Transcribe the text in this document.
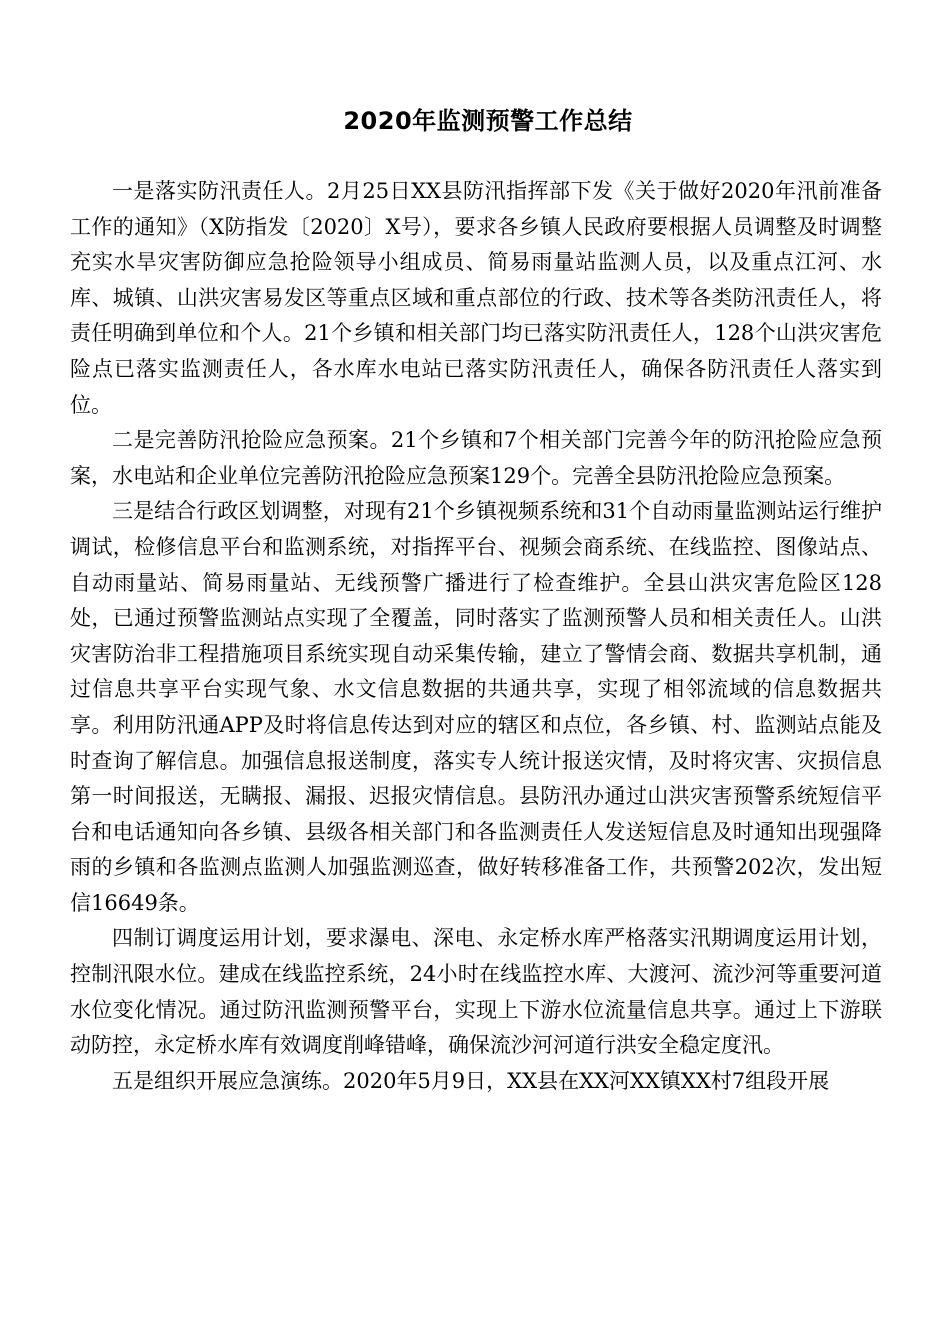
2020年监测预警工作总结

一是落实防汛责任人。2月25日XX县防汛指挥部下发《关于做好2020年汛前准备工作的通知》（X防指发〔2020〕X号），要求各乡镇人民政府要根据人员调整及时调整充实水旱灾害防御应急抢险领导小组成员、简易雨量站监测人员，以及重点江河、水库、城镇、山洪灾害易发区等重点区域和重点部位的行政、技术等各类防汛责任人，将责任明确到单位和个人。21个乡镇和相关部门均已落实防汛责任人，128个山洪灾害危险点已落实监测责任人，各水库水电站已落实防汛责任人，确保各防汛责任人落实到位。

二是完善防汛抢险应急预案。21个乡镇和7个相关部门完善今年的防汛抢险应急预案，水电站和企业单位完善防汛抢险应急预案129个。完善全县防汛抢险应急预案。

三是结合行政区划调整，对现有21个乡镇视频系统和31个自动雨量监测站运行维护调试，检修信息平台和监测系统，对指挥平台、视频会商系统、在线监控、图像站点、自动雨量站、简易雨量站、无线预警广播进行了检查维护。全县山洪灾害危险区128处，已通过预警监测站点实现了全覆盖，同时落实了监测预警人员和相关责任人。山洪灾害防治非工程措施项目系统实现自动采集传输，建立了警情会商、数据共享机制，通过信息共享平台实现气象、水文信息数据的共通共享，实现了相邻流域的信息数据共享。利用防汛通APP及时将信息传达到对应的辖区和点位，各乡镇、村、监测站点能及时查询了解信息。加强信息报送制度，落实专人统计报送灾情，及时将灾害、灾损信息第一时间报送，无瞒报、漏报、迟报灾情信息。县防汛办通过山洪灾害预警系统短信平台和电话通知向各乡镇、县级各相关部门和各监测责任人发送短信息及时通知出现强降雨的乡镇和各监测点监测人加强监测巡查，做好转移准备工作，共预警202次，发出短信16649条。

四制订调度运用计划，要求瀑电、深电、永定桥水库严格落实汛期调度运用计划，控制汛限水位。建成在线监控系统，24小时在线监控水库、大渡河、流沙河等重要河道水位变化情况。通过防汛监测预警平台，实现上下游水位流量信息共享。通过上下游联动防控，永定桥水库有效调度削峰错峰，确保流沙河河道行洪安全稳定度汛。

五是组织开展应急演练。2020年5月9日，XX县在XX河XX镇XX村7组段开展
